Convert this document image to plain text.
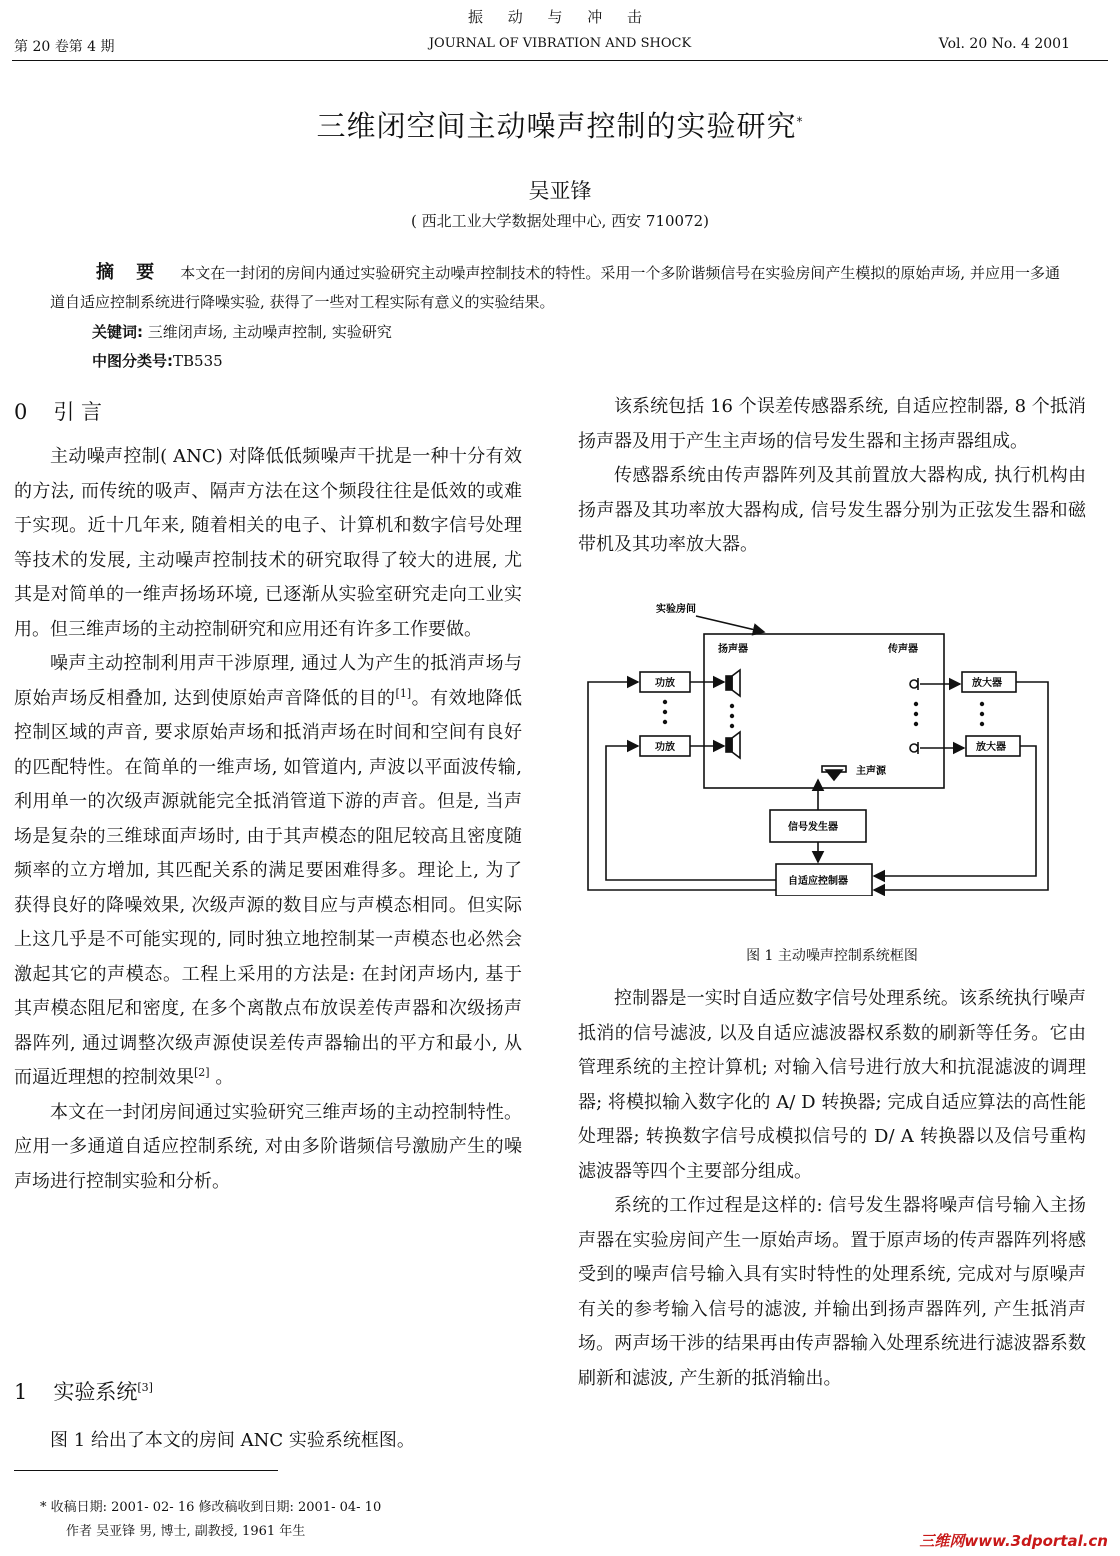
振 动 与 冲 击
第 20 卷第 4 期	JOURNAL OF VIBRATION AND SHOCK	Vol. 20 No. 4 2001
三维闭空间主动噪声控制的实验研究*
吴亚锋
( 西北工业大学数据处理中心, 西安 710072)
摘 要 本文在一封闭的房间内通过实验研究主动噪声控制技术的特性。采用一个多阶谐频信号在实验房间产生模拟的原始声场, 并应用一多通道自适应控制系统进行降噪实验, 获得了一些对工程实际有意义的实验结果。
关键词: 三维闭声场, 主动噪声控制, 实验研究
中图分类号:TB535
0 引 言

主动噪声控制( ANC) 对降低低频噪声干扰是一种十分有效的方法, 而传统的吸声、隔声方法在这个频段往往是低效的或难于实现。近十几年来, 随着相关的电子、计算机和数字信号处理等技术的发展, 主动噪声控制技术的研究取得了较大的进展, 尤其是对简单的一维声扬场环境, 已逐渐从实验室研究走向工业实用。但三维声场的主动控制研究和应用还有许多工作要做。

噪声主动控制利用声干涉原理, 通过人为产生的抵消声场与原始声场反相叠加, 达到使原始声音降低的目的[1]。有效地降低控制区域的声音, 要求原始声场和抵消声场在时间和空间有良好的匹配特性。在简单的一维声场, 如管道内, 声波以平面波传输, 利用单一的次级声源就能完全抵消管道下游的声音。但是, 当声场是复杂的三维球面声场时, 由于其声模态的阻尼较高且密度随频率的立方增加, 其匹配关系的满足要困难得多。理论上, 为了获得良好的降噪效果, 次级声源的数目应与声模态相同。但实际上这几乎是不可能实现的, 同时独立地控制某一声模态也必然会激起其它的声模态。工程上采用的方法是: 在封闭声场内, 基于其声模态阻尼和密度, 在多个离散点布放误差传声器和次级扬声器阵列, 通过调整次级声源使误差传声器输出的平方和最小, 从而逼近理想的控制效果[2] 。

本文在一封闭房间通过实验研究三维声场的主动控制特性。应用一多通道自适应控制系统, 对由多阶谐频信号激励产生的噪声场进行控制实验和分析。

1 实验系统[3]

图 1 给出了本文的房间 ANC 实验系统框图。

该系统包括 16 个误差传感器系统, 自适应控制器, 8 个抵消扬声器及用于产生主声场的信号发生器和主扬声器组成。

传感器系统由传声器阵列及其前置放大器构成, 执行机构由扬声器及其功率放大器构成, 信号发生器分别为正弦发生器和磁带机及其功率放大器。

实验房间
扬声器	传声器
功放
功放
放大器
放大器
主声源
信号发生器
自适应控制器
图 1 主动噪声控制系统框图

控制器是一实时自适应数字信号处理系统。该系统执行噪声抵消的信号滤波, 以及自适应滤波器权系数的刷新等任务。它由管理系统的主控计算机; 对输入信号进行放大和抗混滤波的调理器; 将模拟输入数字化的 A/ D 转换器; 完成自适应算法的高性能处理器; 转换数字信号成模拟信号的 D/ A 转换器以及信号重构滤波器等四个主要部分组成。

系统的工作过程是这样的: 信号发生器将噪声信号输入主扬声器在实验房间产生一原始声场。置于原声场的传声器阵列将感受到的噪声信号输入具有实时特性的处理系统, 完成对与原噪声有关的参考输入信号的滤波, 并输出到扬声器阵列, 产生抵消声场。两声场干涉的结果再由传声器输入处理系统进行滤波器系数刷新和滤波, 产生新的抵消输出。

* 收稿日期: 2001- 02- 16 修改稿收到日期: 2001- 04- 10
作者 吴亚锋 男, 博士, 副教授, 1961 年生
三维网www.3dportal.cn
